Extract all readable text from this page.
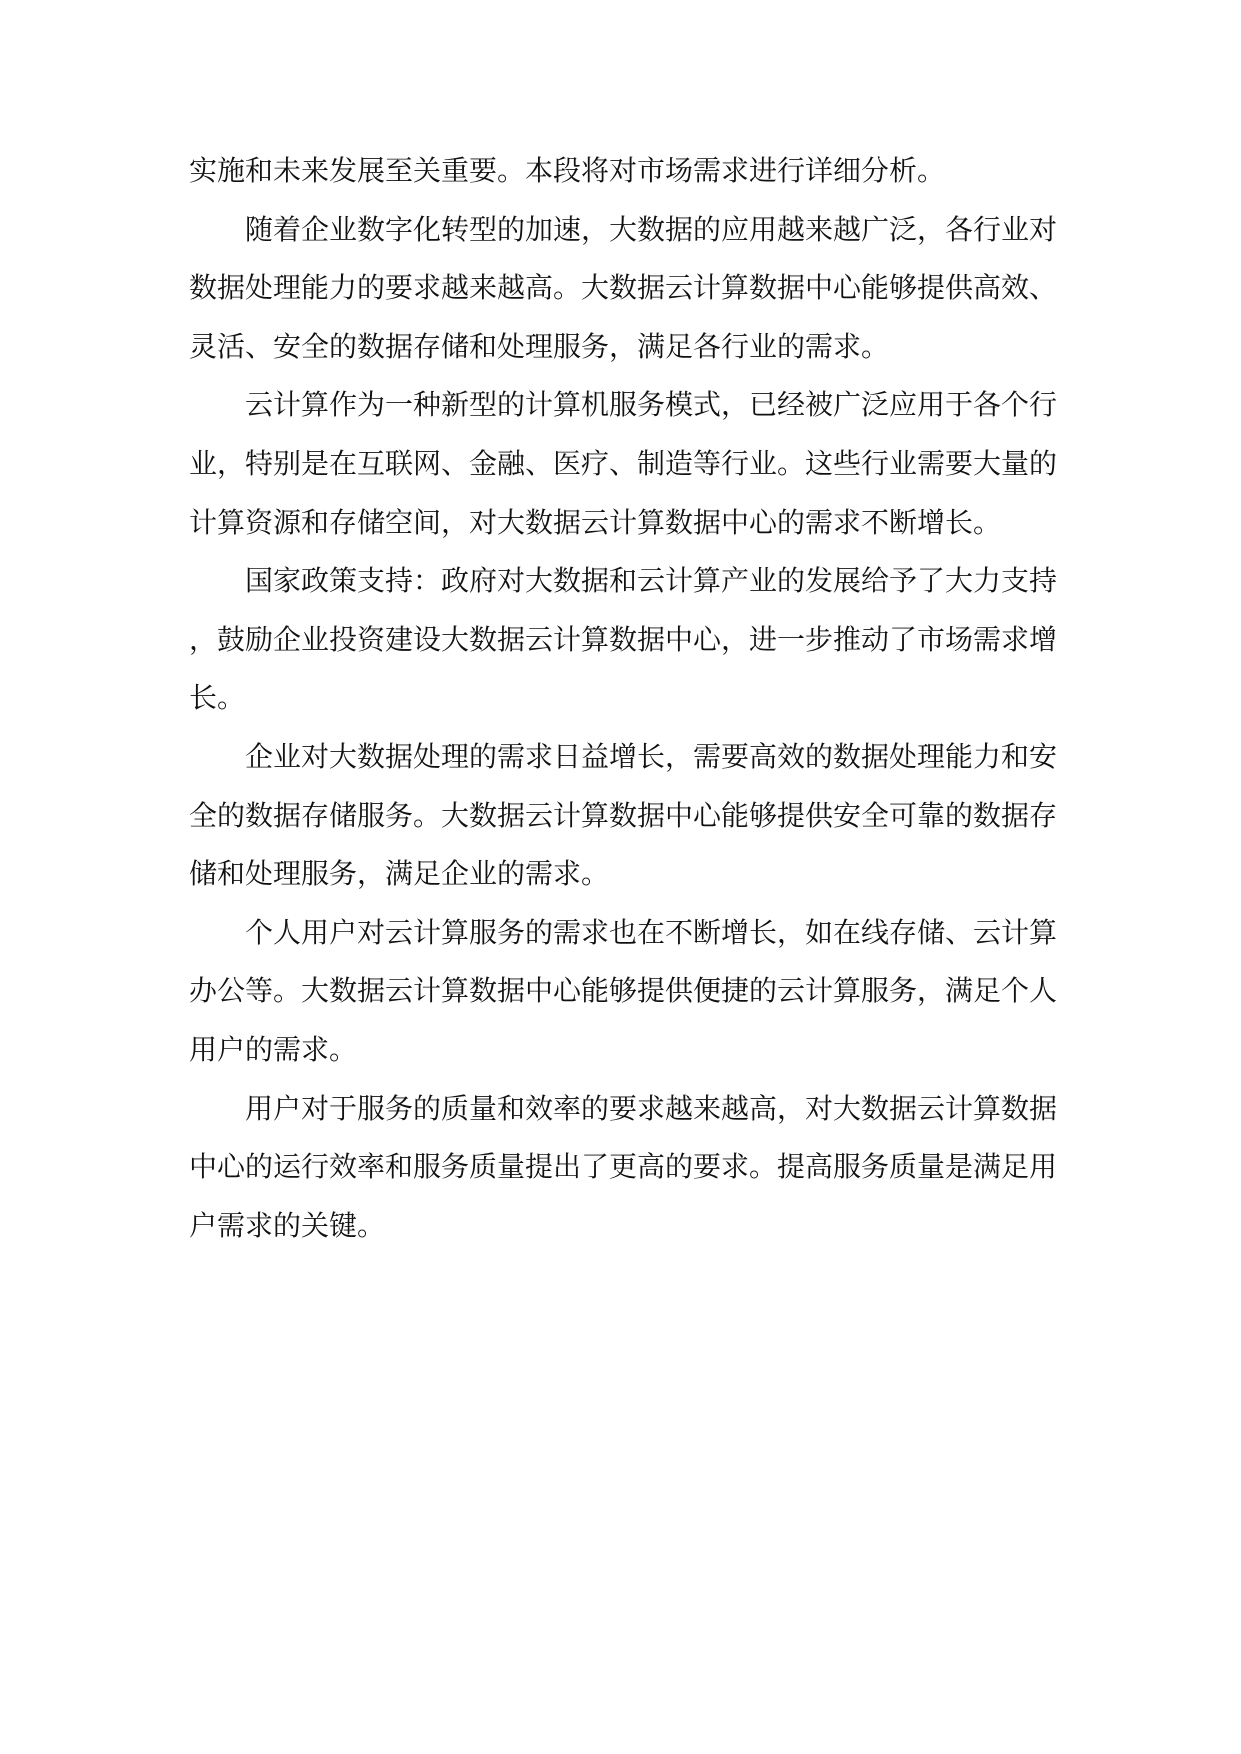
实施和未来发展至关重要。本段将对市场需求进行详细分析。

随着企业数字化转型的加速，大数据的应用越来越广泛，各行业对数据处理能力的要求越来越高。大数据云计算数据中心能够提供高效、灵活、安全的数据存储和处理服务，满足各行业的需求。

云计算作为一种新型的计算机服务模式，已经被广泛应用于各个行业，特别是在互联网、金融、医疗、制造等行业。这些行业需要大量的计算资源和存储空间，对大数据云计算数据中心的需求不断增长。

国家政策支持：政府对大数据和云计算产业的发展给予了大力支持，鼓励企业投资建设大数据云计算数据中心，进一步推动了市场需求增长。

企业对大数据处理的需求日益增长，需要高效的数据处理能力和安全的数据存储服务。大数据云计算数据中心能够提供安全可靠的数据存储和处理服务，满足企业的需求。

个人用户对云计算服务的需求也在不断增长，如在线存储、云计算办公等。大数据云计算数据中心能够提供便捷的云计算服务，满足个人用户的需求。

用户对于服务的质量和效率的要求越来越高，对大数据云计算数据中心的运行效率和服务质量提出了更高的要求。提高服务质量是满足用户需求的关键。
